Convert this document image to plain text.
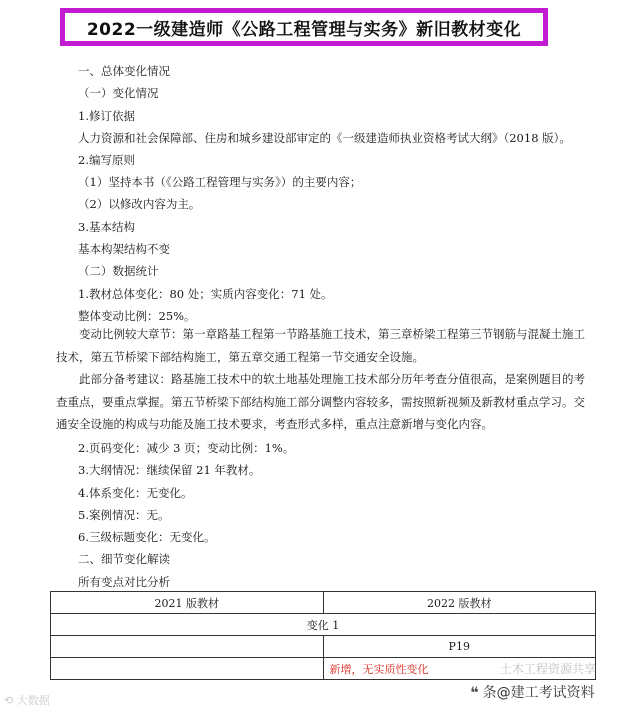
2022一级建造师《公路工程管理与实务》新旧教材变化
一、总体变化情况
（一）变化情况
1.修订依据
人力资源和社会保障部、住房和城乡建设部审定的《一级建造师执业资格考试大纲》（2018 版）。
2.编写原则
（1）坚持本书（《公路工程管理与实务》）的主要内容；
（2）以修改内容为主。
3.基本结构
基本构架结构不变
（二）数据统计
1.教材总体变化：80 处；实质内容变化：71 处。
整体变动比例：25%。
变动比例较大章节：第一章路基工程第一节路基施工技术，第三章桥梁工程第三节钢筋与混凝土施工技术，第五节桥梁下部结构施工，第五章交通工程第一节交通安全设施。
此部分备考建议：路基施工技术中的软土地基处理施工技术部分历年考查分值很高，是案例题目的考查重点，要重点掌握。第五节桥梁下部结构施工部分调整内容较多，需按照新视频及新教材重点学习。交通安全设施的构成与功能及施工技术要求，考查形式多样，重点注意新增与变化内容。
2.页码变化：减少 3 页；变动比例：1%。
3.大纲情况：继续保留 21 年教材。
4.体系变化：无变化。
5.案例情况：无。
6.三级标题变化：无变化。
二、细节变化解读
所有变点对比分析
2021 版教材	2022 版教材
变化 1	
	P19
	新增，无实质性变化
⟲ 大数据
土木工程资源共享
❝ 条@建工考试资料
